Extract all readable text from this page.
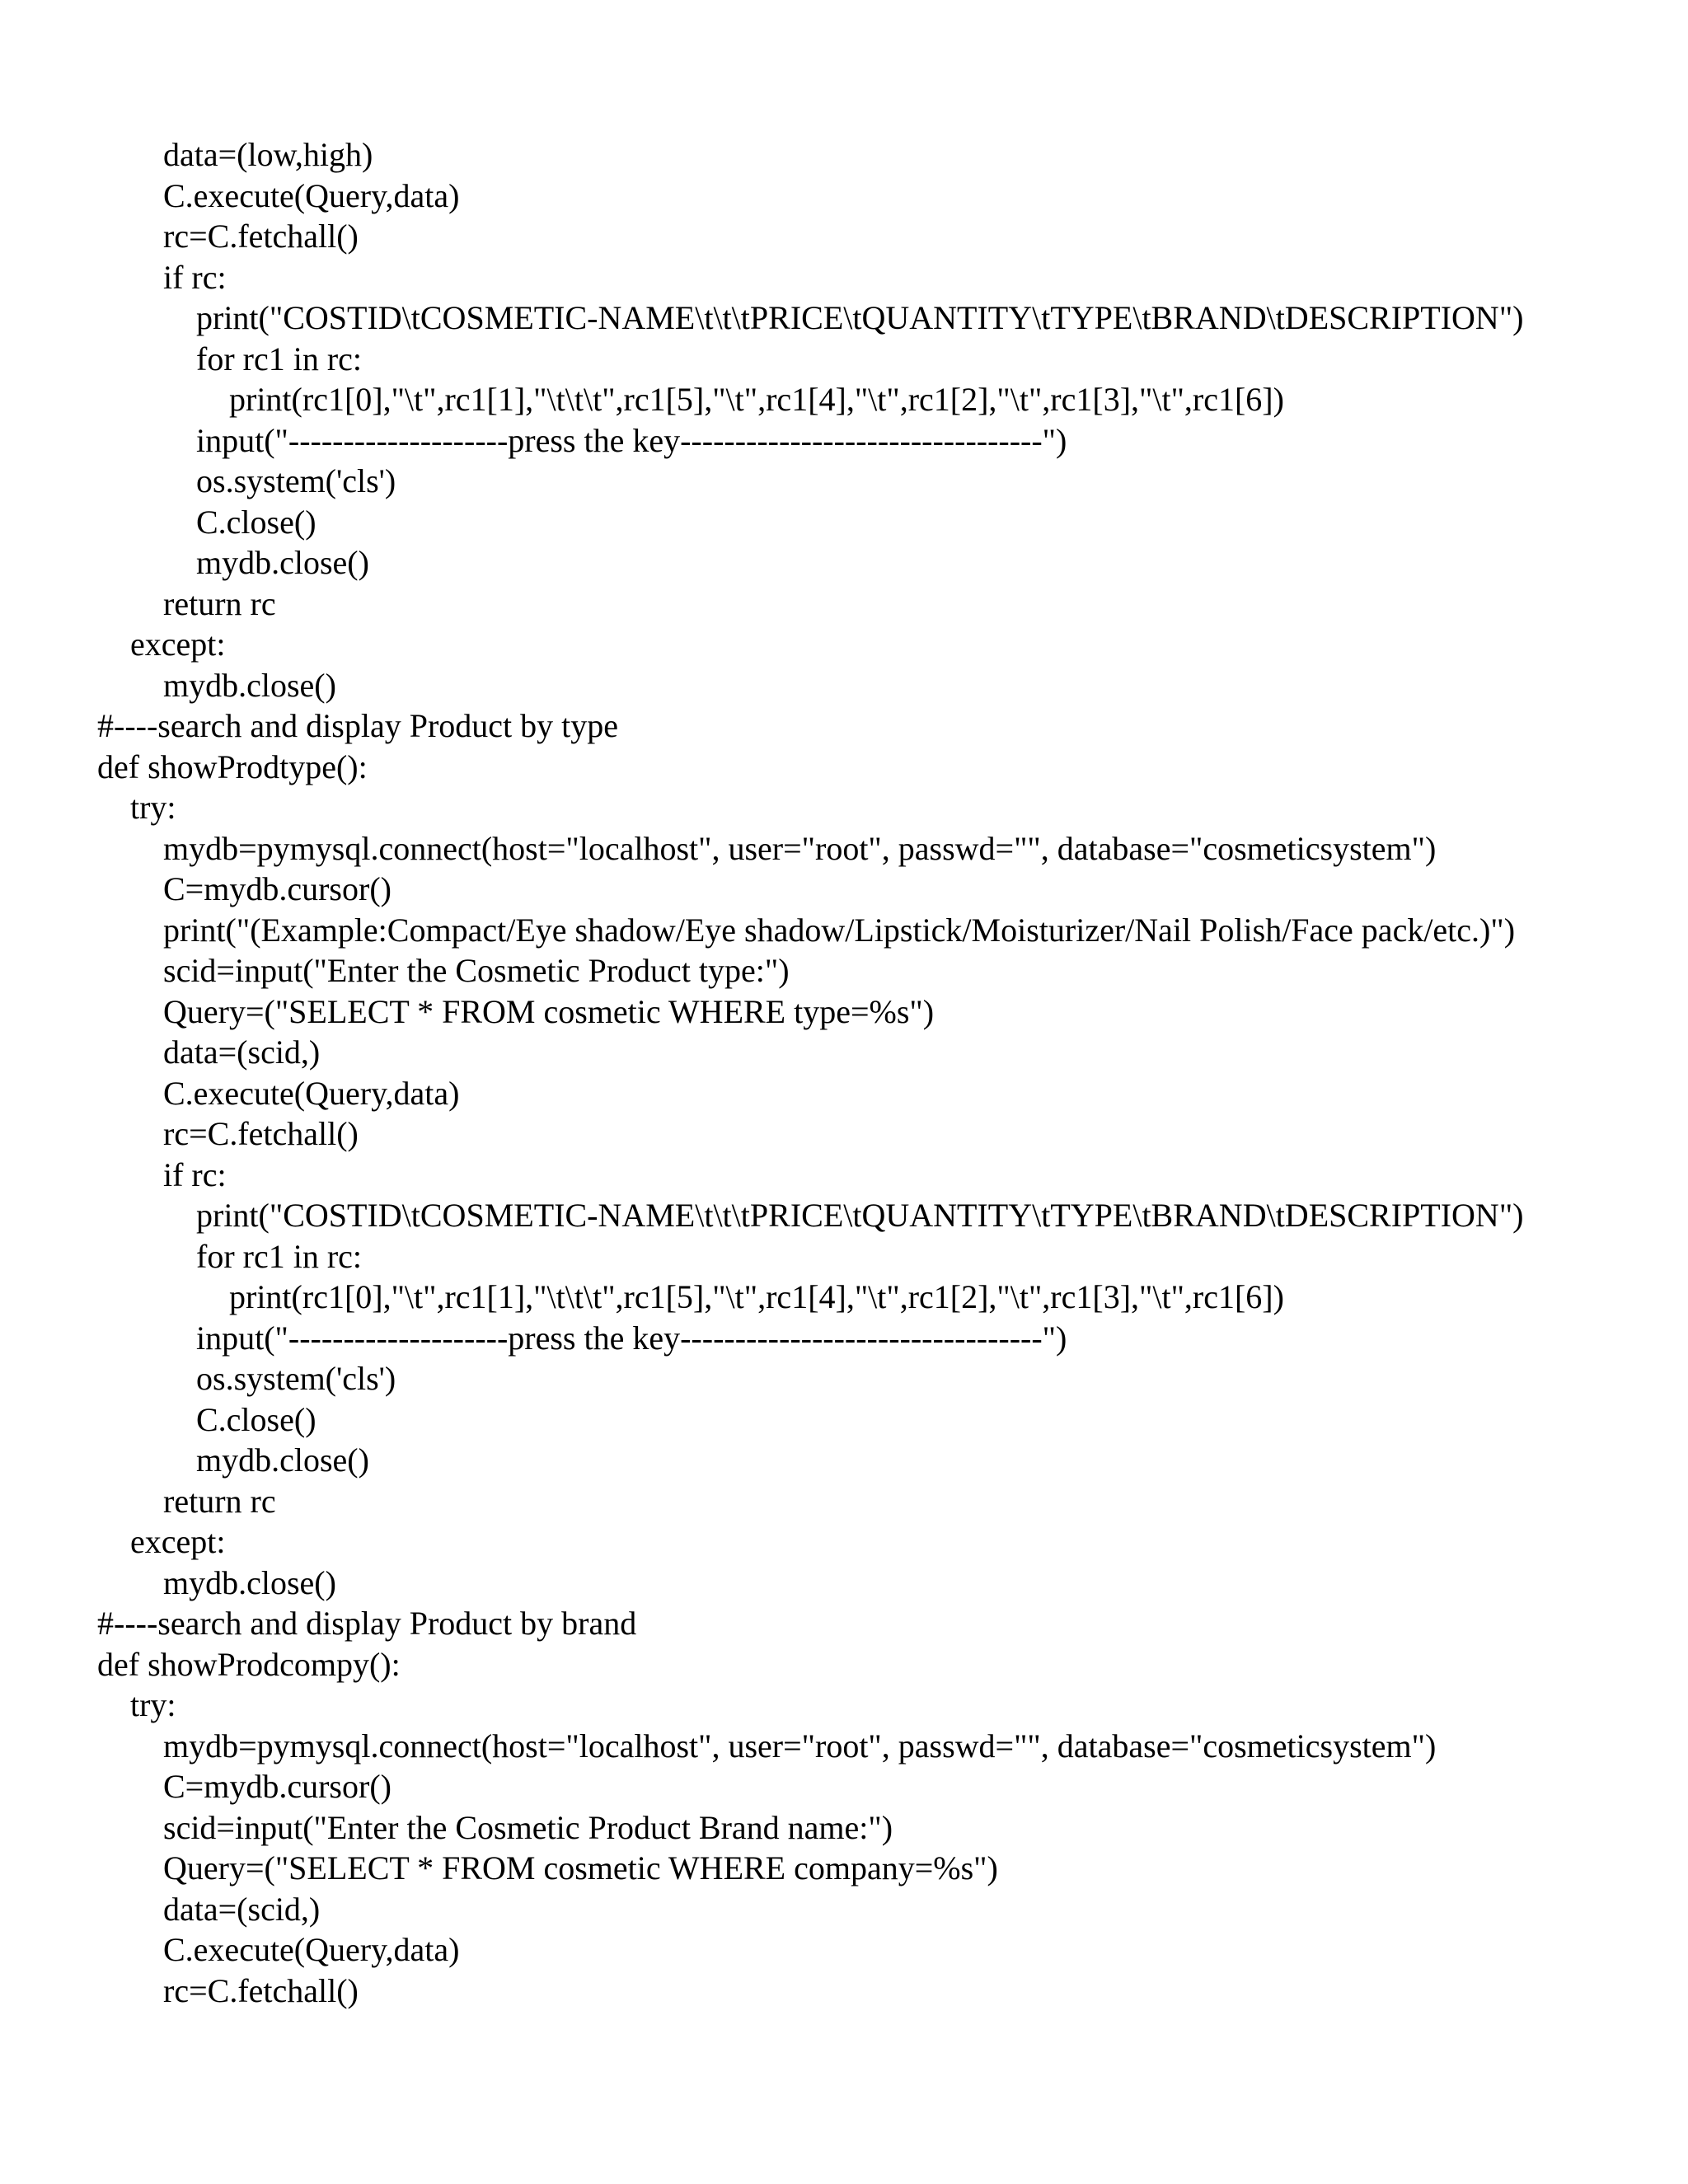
data=(low,high)
C.execute(Query,data)
rc=C.fetchall()
if rc:
print("COSTID\tCOSMETIC-NAME\t\t\tPRICE\tQUANTITY\tTYPE\tBRAND\tDESCRIPTION")
for rc1 in rc:
print(rc1[0],"\t",rc1[1],"\t\t\t",rc1[5],"\t",rc1[4],"\t",rc1[2],"\t",rc1[3],"\t",rc1[6])
input("--------------------press the key---------------------------------")
os.system('cls')
C.close()
mydb.close()
return rc
except:
mydb.close()
#----search and display Product by type
def showProdtype():
try:
mydb=pymysql.connect(host="localhost", user="root", passwd="", database="cosmeticsystem")
C=mydb.cursor()
print("(Example:Compact/Eye shadow/Eye shadow/Lipstick/Moisturizer/Nail Polish/Face pack/etc.)")
scid=input("Enter the Cosmetic Product type:")
Query=("SELECT * FROM cosmetic WHERE type=%s")
data=(scid,)
C.execute(Query,data)
rc=C.fetchall()
if rc:
print("COSTID\tCOSMETIC-NAME\t\t\tPRICE\tQUANTITY\tTYPE\tBRAND\tDESCRIPTION")
for rc1 in rc:
print(rc1[0],"\t",rc1[1],"\t\t\t",rc1[5],"\t",rc1[4],"\t",rc1[2],"\t",rc1[3],"\t",rc1[6])
input("--------------------press the key---------------------------------")
os.system('cls')
C.close()
mydb.close()
return rc
except:
mydb.close()
#----search and display Product by brand
def showProdcompy():
try:
mydb=pymysql.connect(host="localhost", user="root", passwd="", database="cosmeticsystem")
C=mydb.cursor()
scid=input("Enter the Cosmetic Product Brand name:")
Query=("SELECT * FROM cosmetic WHERE company=%s")
data=(scid,)
C.execute(Query,data)
rc=C.fetchall()
